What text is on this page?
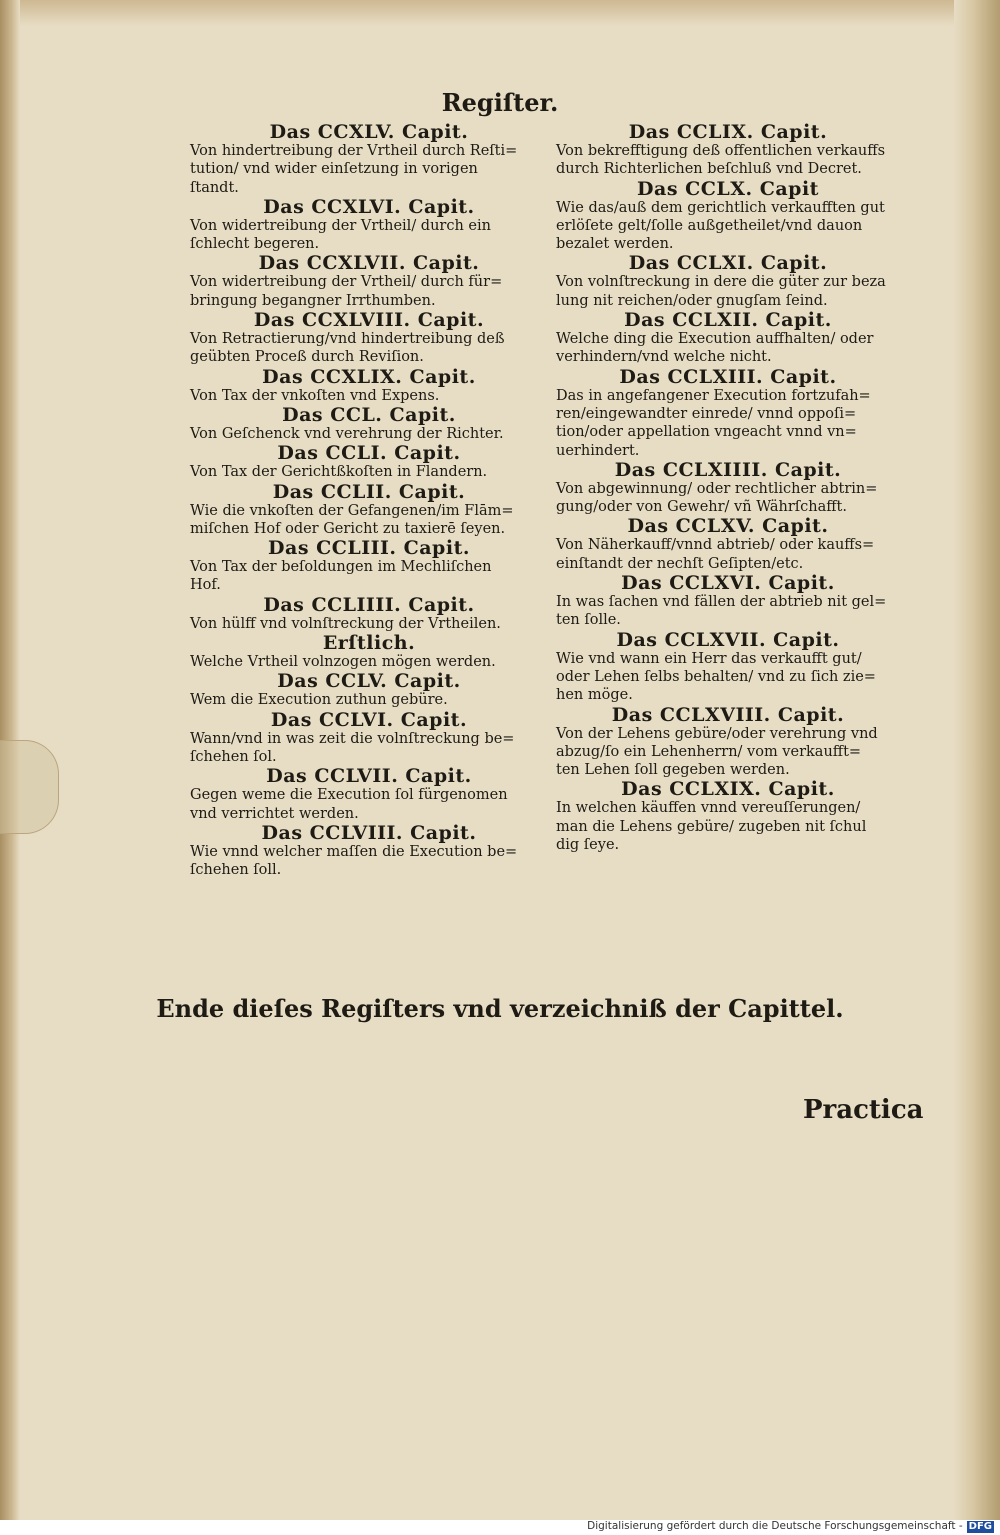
Regiſter.
Das CCXLV. Capit.
Von hindertreibung der Vrtheil durch Reſti=
tution/ vnd wider einſetzung in vorigen
ſtandt.
Das CCXLVI. Capit.
Von widertreibung der Vrtheil/ durch ein
ſchlecht begeren.
Das CCXLVII. Capit.
Von widertreibung der Vrtheil/ durch für=
bringung begangner Irrthumben.
Das CCXLVIII. Capit.
Von Retractierung/vnd hindertreibung deß
geübten Proceß durch Reviſion.
Das CCXLIX. Capit.
Von Tax der vnkoſten vnd Expens.
Das CCL. Capit.
Von Geſchenck vnd verehrung der Richter.
Das CCLI. Capit.
Von Tax der Gerichtßkoſten in Flandern.
Das CCLII. Capit.
Wie die vnkoſten der Gefangenen/im Flām=
miſchen Hof oder Gericht zu taxierē ſeyen.
Das CCLIII. Capit.
Von Tax der beſoldungen im Mechliſchen
Hof.
Das CCLIIII. Capit.
Von hülff vnd volnſtreckung der Vrtheilen.
Erſtlich.
Welche Vrtheil volnzogen mögen werden.
Das CCLV. Capit.
Wem die Execution zuthun gebüre.
Das CCLVI. Capit.
Wann/vnd in was zeit die volnſtreckung be=
ſchehen ſol.
Das CCLVII. Capit.
Gegen weme die Execution ſol fürgenomen
vnd verrichtet werden.
Das CCLVIII. Capit.
Wie vnnd welcher maſſen die Execution be=
ſchehen ſoll.
Das CCLIX. Capit.
Von bekrefftigung deß offentlichen verkauffs
durch Richterlichen beſchluß vnd Decret.
Das CCLX. Capit
Wie das/auß dem gerichtlich verkaufften gut
erlöſete gelt/ſolle außgetheilet/vnd dauon
bezalet werden.
Das CCLXI. Capit.
Von volnſtreckung in dere die güter zur beza
lung nit reichen/oder gnugſam ſeind.
Das CCLXII. Capit.
Welche ding die Execution auffhalten/ oder
verhindern/vnd welche nicht.
Das CCLXIII. Capit.
Das in angefangener Execution fortzufah=
ren/eingewandter einrede/ vnnd oppoſi=
tion/oder appellation vngeacht vnnd vn=
uerhindert.
Das CCLXIIII. Capit.
Von abgewinnung/ oder rechtlicher abtrin=
gung/oder von Gewehr/ vñ Währſchafft.
Das CCLXV. Capit.
Von Näherkauff/vnnd abtrieb/ oder kauffs=
einſtandt der nechſt Geſipten/etc.
Das CCLXVI. Capit.
In was ſachen vnd fällen der abtrieb nit gel=
ten ſolle.
Das CCLXVII. Capit.
Wie vnd wann ein Herr das verkaufft gut/
oder Lehen ſelbs behalten/ vnd zu ſich zie=
hen möge.
Das CCLXVIII. Capit.
Von der Lehens gebüre/oder verehrung vnd
abzug/ſo ein Lehenherrn/ vom verkaufft=
ten Lehen ſoll gegeben werden.
Das CCLXIX. Capit.
In welchen käuffen vnnd vereuſſerungen/
man die Lehens gebüre/ zugeben nit ſchul
dig ſeye.
Ende dieſes Regiſters vnd verzeichniß der Capittel.
Practica
Digitalisierung gefördert durch die Deutsche Forschungsgemeinschaft - DFG
